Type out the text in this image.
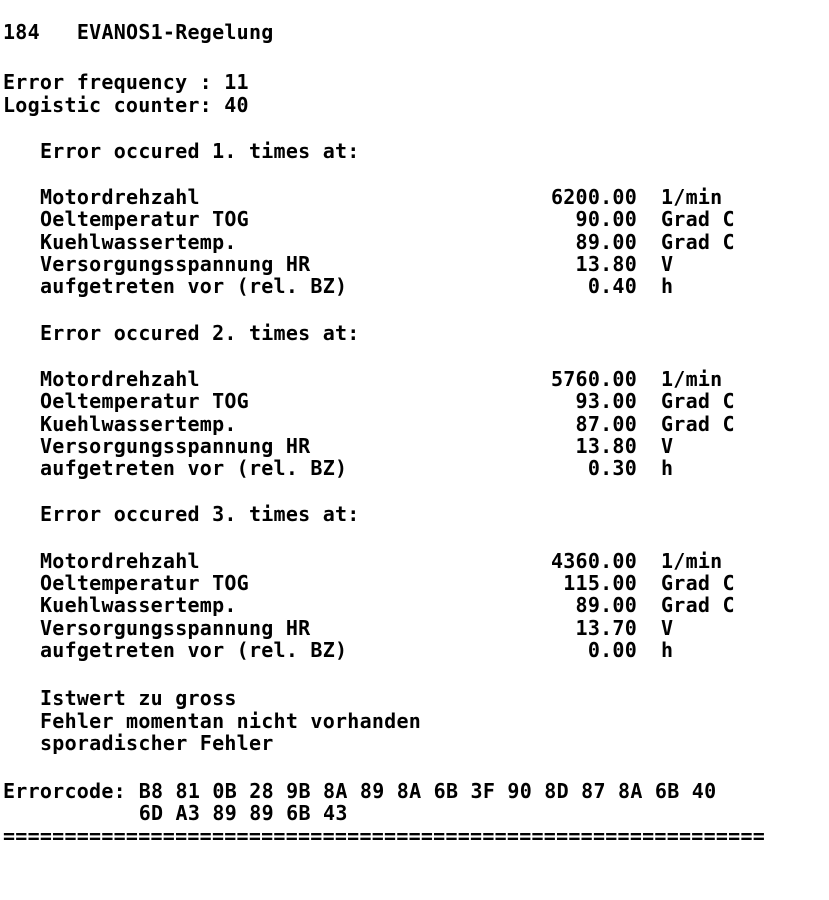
184 EVANOS1-Regelung
Error frequency : 11
Logistic counter: 40
Error occured 1. times at:
Motordrehzahl	6200.00 1/min
Oeltemperatur TOG	90.00 Grad C
Kuehlwassertemp.	89.00 Grad C
Versorgungsspannung HR	13.80 V
aufgetreten vor (rel. BZ)	0.40 h
Error occured 2. times at:
Motordrehzahl	5760.00 1/min
Oeltemperatur TOG	93.00 Grad C
Kuehlwassertemp.	87.00 Grad C
Versorgungsspannung HR	13.80 V
aufgetreten vor (rel. BZ)	0.30 h
Error occured 3. times at:
Motordrehzahl	4360.00 1/min
Oeltemperatur TOG	115.00 Grad C
Kuehlwassertemp.	89.00 Grad C
Versorgungsspannung HR	13.70 V
aufgetreten vor (rel. BZ)	0.00 h
Istwert zu gross
Fehler momentan nicht vorhanden
sporadischer Fehler
Errorcode: B8 81 0B 28 9B 8A 89 8A 6B 3F 90 8D 87 8A 6B 40
6D A3 89 89 6B 43
==============================================================
